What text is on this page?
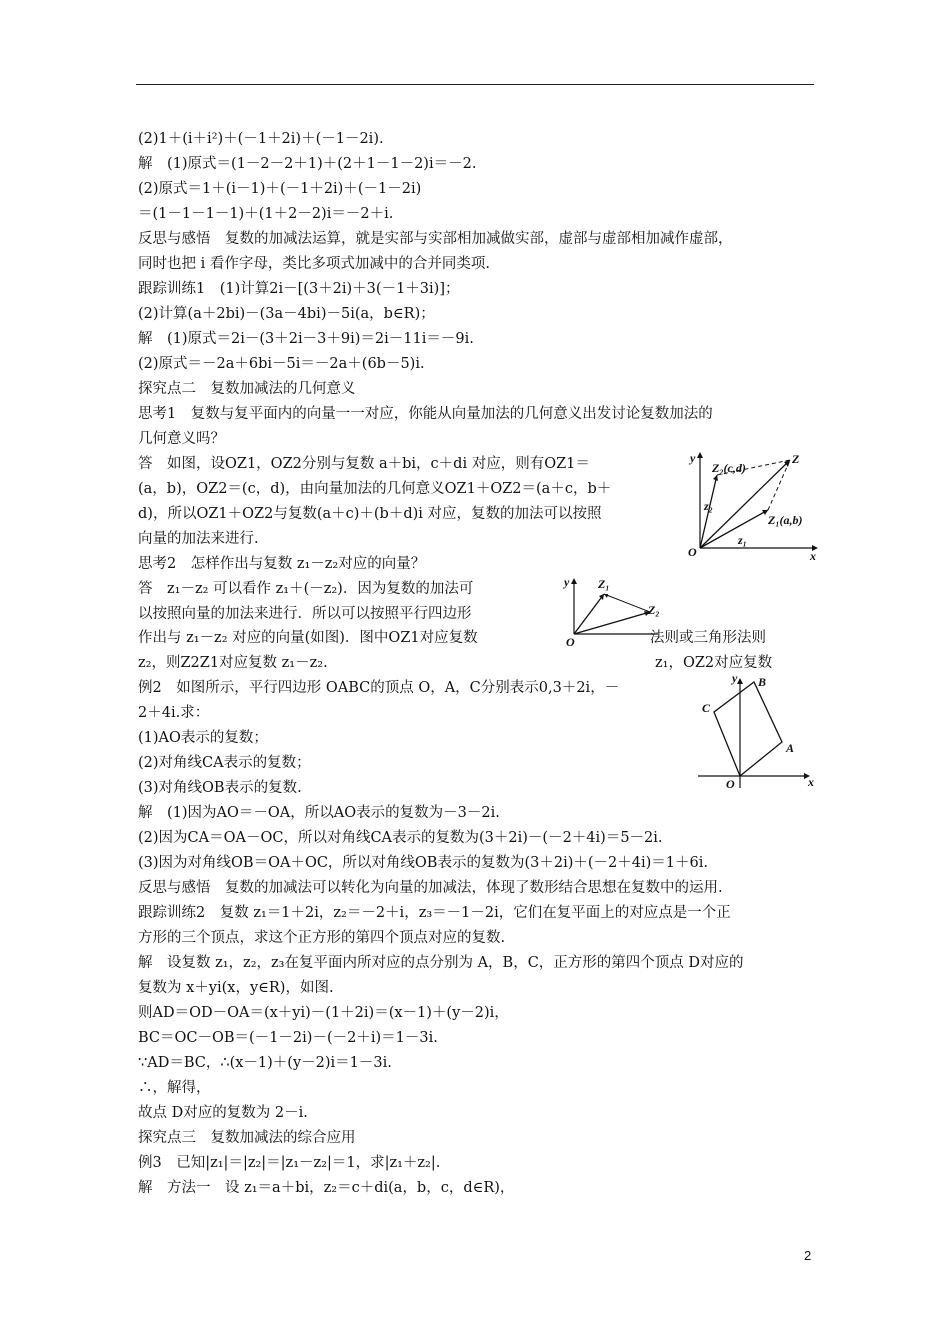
(2)1＋(i＋i²)＋(－1＋2i)＋(－1－2i).
解　(1)原式＝(1－2－2＋1)＋(2＋1－1－2)i＝－2.
(2)原式＝1＋(i－1)＋(－1＋2i)＋(－1－2i)
＝(1－1－1－1)＋(1＋2－2)i＝－2＋i.
反思与感悟　复数的加减法运算，就是实部与实部相加减做实部，虚部与虚部相加减作虚部，
同时也把 i 看作字母，类比多项式加减中的合并同类项.
跟踪训练1　(1)计算2i－[(3＋2i)＋3(－1＋3i)]；
(2)计算(a＋2bi)－(3a－4bi)－5i(a，b∈R)；
解　(1)原式＝2i－(3＋2i－3＋9i)＝2i－11i＝－9i.
(2)原式＝－2a＋6bi－5i＝－2a＋(6b－5)i.
探究点二　复数加减法的几何意义
思考1　复数与复平面内的向量一一对应，你能从向量加法的几何意义出发讨论复数加法的
几何意义吗？
答　如图，设OZ1，OZ2分别与复数 a＋bi，c＋di 对应，则有OZ1＝
(a，b)，OZ2＝(c，d)，由向量加法的几何意义OZ1＋OZ2＝(a＋c，b＋
d)，所以OZ1＋OZ2与复数(a＋c)＋(b＋d)i 对应，复数的加法可以按照
向量的加法来进行.
思考2　怎样作出与复数 z₁－z₂对应的向量？
答　z₁－z₂ 可以看作 z₁＋(－z₂)．因为复数的加法可
以按照向量的加法来进行．所以可以按照平行四边形
作出与 z₁－z₂ 对应的向量(如图)．图中OZ1对应复数
z₂，则Z2Z1对应复数 z₁－z₂.
例2　如图所示，平行四边形 OABC的顶点 O，A，C分别表示0,3＋2i，－
2＋4i.求：
(1)AO表示的复数；
(2)对角线CA表示的复数；
(3)对角线OB表示的复数.
解　(1)因为AO＝－OA，所以AO表示的复数为－3－2i.
(2)因为CA＝OA－OC，所以对角线CA表示的复数为(3＋2i)－(－2＋4i)＝5－2i.
(3)因为对角线OB＝OA＋OC，所以对角线OB表示的复数为(3＋2i)＋(－2＋4i)＝1＋6i.
反思与感悟　复数的加减法可以转化为向量的加减法，体现了数形结合思想在复数中的运用.
跟踪训练2　复数 z₁＝1＋2i，z₂＝－2＋i，z₃＝－1－2i，它们在复平面上的对应点是一个正
方形的三个顶点，求这个正方形的第四个顶点对应的复数.
解　设复数 z₁，z₂，z₃在复平面内所对应的点分别为 A，B，C，正方形的第四个顶点 D对应的
复数为 x＋yi(x，y∈R)，如图.
则AD＝OD－OA＝(x＋yi)－(1＋2i)＝(x－1)＋(y－2)i，
BC＝OC－OB＝(－1－2i)－(－2＋i)＝1－3i.
∵AD＝BC，∴(x－1)＋(y－2)i＝1－3i.
∴，解得，
故点 D对应的复数为 2－i.
探究点三　复数加减法的综合应用
例3　已知|z₁|＝|z₂|＝|z₁－z₂|＝1，求|z₁＋z₂|.
解　方法一　设 z₁＝a＋bi，z₂＝c＋di(a，b，c，d∈R)，
法则或三角形法则
z₁，OZ2对应复数
y
x
O
Z
Z₁(a,b)
Z₂(c,d)
z₁
z₂
y
O
Z₁
Z₂
y
x
O
A
B
C
2
